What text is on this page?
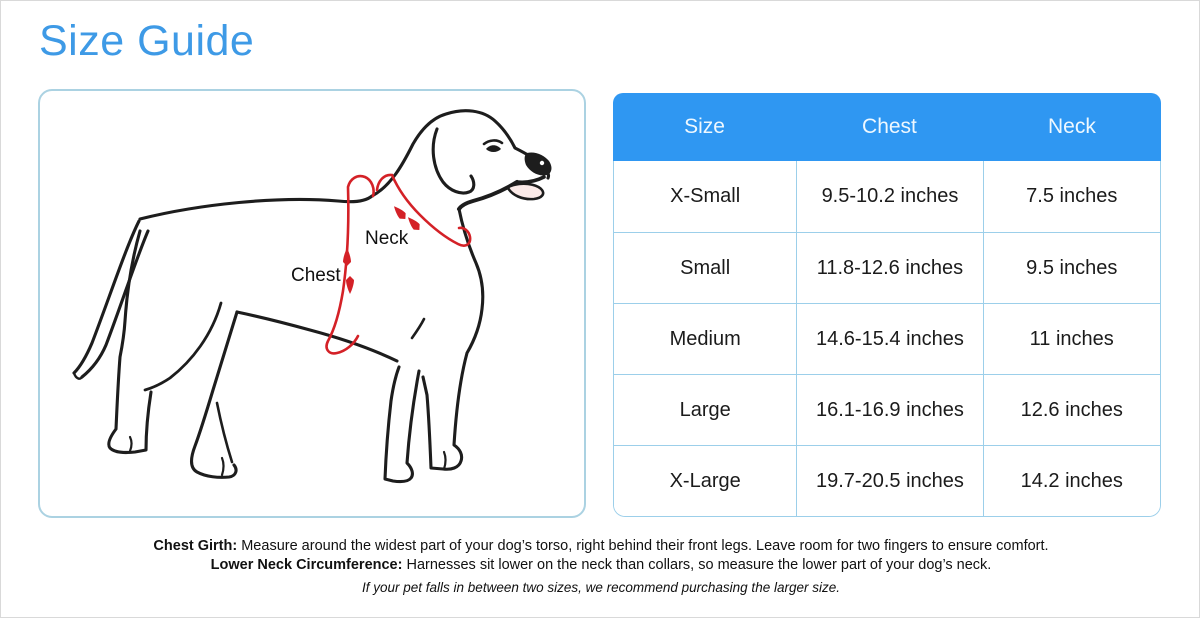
Size Guide
Neck
Chest
Size	Chest	Neck
X-Small	9.5-10.2 inches	7.5 inches
Small	11.8-12.6 inches	9.5 inches
Medium	14.6-15.4 inches	11 inches
Large	16.1-16.9 inches	12.6 inches
X-Large	19.7-20.5 inches	14.2 inches
Chest Girth: Measure around the widest part of your dog’s torso, right behind their front legs. Leave room for two fingers to ensure comfort.
Lower Neck Circumference: Harnesses sit lower on the neck than collars, so measure the lower part of your dog’s neck.
If your pet falls in between two sizes, we recommend purchasing the larger size.
